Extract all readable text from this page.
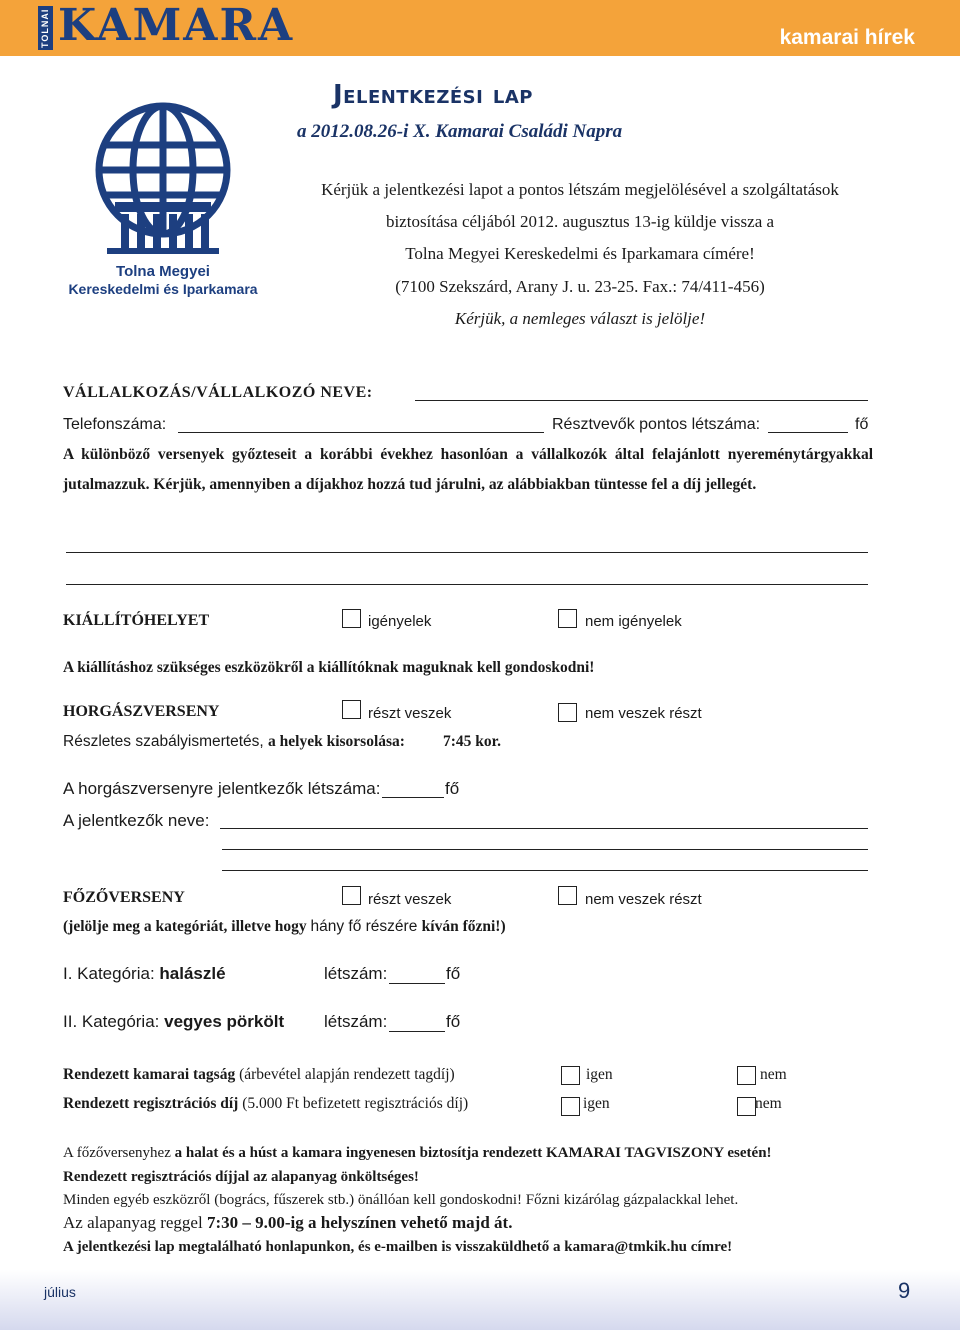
TOLNAI KAMARA	kamarai hírek
Tolna Megyei
Kereskedelmi és Iparkamara
Jelentkezési lap
a 2012.08.26-i X. Kamarai Családi Napra
Kérjük a jelentkezési lapot a pontos létszám megjelölésével a szolgáltatások
biztosítása céljából 2012. augusztus 13-ig küldje vissza a
Tolna Megyei Kereskedelmi és Iparkamara címére!
(7100 Szekszárd, Arany J. u. 23-25. Fax.: 74/411-456)
Kérjük, a nemleges választ is jelölje!
VÁLLALKOZÁS/VÁLLALKOZÓ NEVE:
Telefonszáma:	Résztvevők pontos létszáma:	fő
A különböző versenyek győzteseit a korábbi évekhez hasonlóan a vállalkozók által felajánlott nyereménytárgyakkal jutalmazzuk. Kérjük, amennyiben a díjakhoz hozzá tud járulni, az alábbiakban tüntesse fel a díj jellegét.
KIÁLLÍTÓHELYET	igényelek	nem igényelek
A kiállításhoz szükséges eszközökről a kiállítóknak maguknak kell gondoskodni!
HORGÁSZVERSENY	részt veszek	nem veszek részt
Részletes szabályismertetés, a helyek kisorsolása: 7:45 kor.
A horgászversenyre jelentkezők létszáma:	fő
A jelentkezők neve:
FŐZŐVERSENY	részt veszek	nem veszek részt
(jelölje meg a kategóriát, illetve hogy hány fő részére kíván főzni!)
I. Kategória: halászlé	létszám:	fő
II. Kategória: vegyes pörkölt létszám:	fő
Rendezett kamarai tagság (árbevétel alapján rendezett tagdíj)	igen	nem
Rendezett regisztrációs díj (5.000 Ft befizetett regisztrációs díj)	igen	nem
A főzőversenyhez a halat és a húst a kamara ingyenesen biztosítja rendezett KAMARAI TAGVISZONY esetén!
Rendezett regisztrációs díjjal az alapanyag önköltséges!
Minden egyéb eszközről (bogrács, fűszerek stb.) önállóan kell gondoskodni! Főzni kizárólag gázpalackkal lehet.
Az alapanyag reggel 7:30 – 9.00-ig a helyszínen vehető majd át.
A jelentkezési lap megtalálható honlapunkon, és e-mailben is visszaküldhető a kamara@tmkik.hu címre!
július	9
